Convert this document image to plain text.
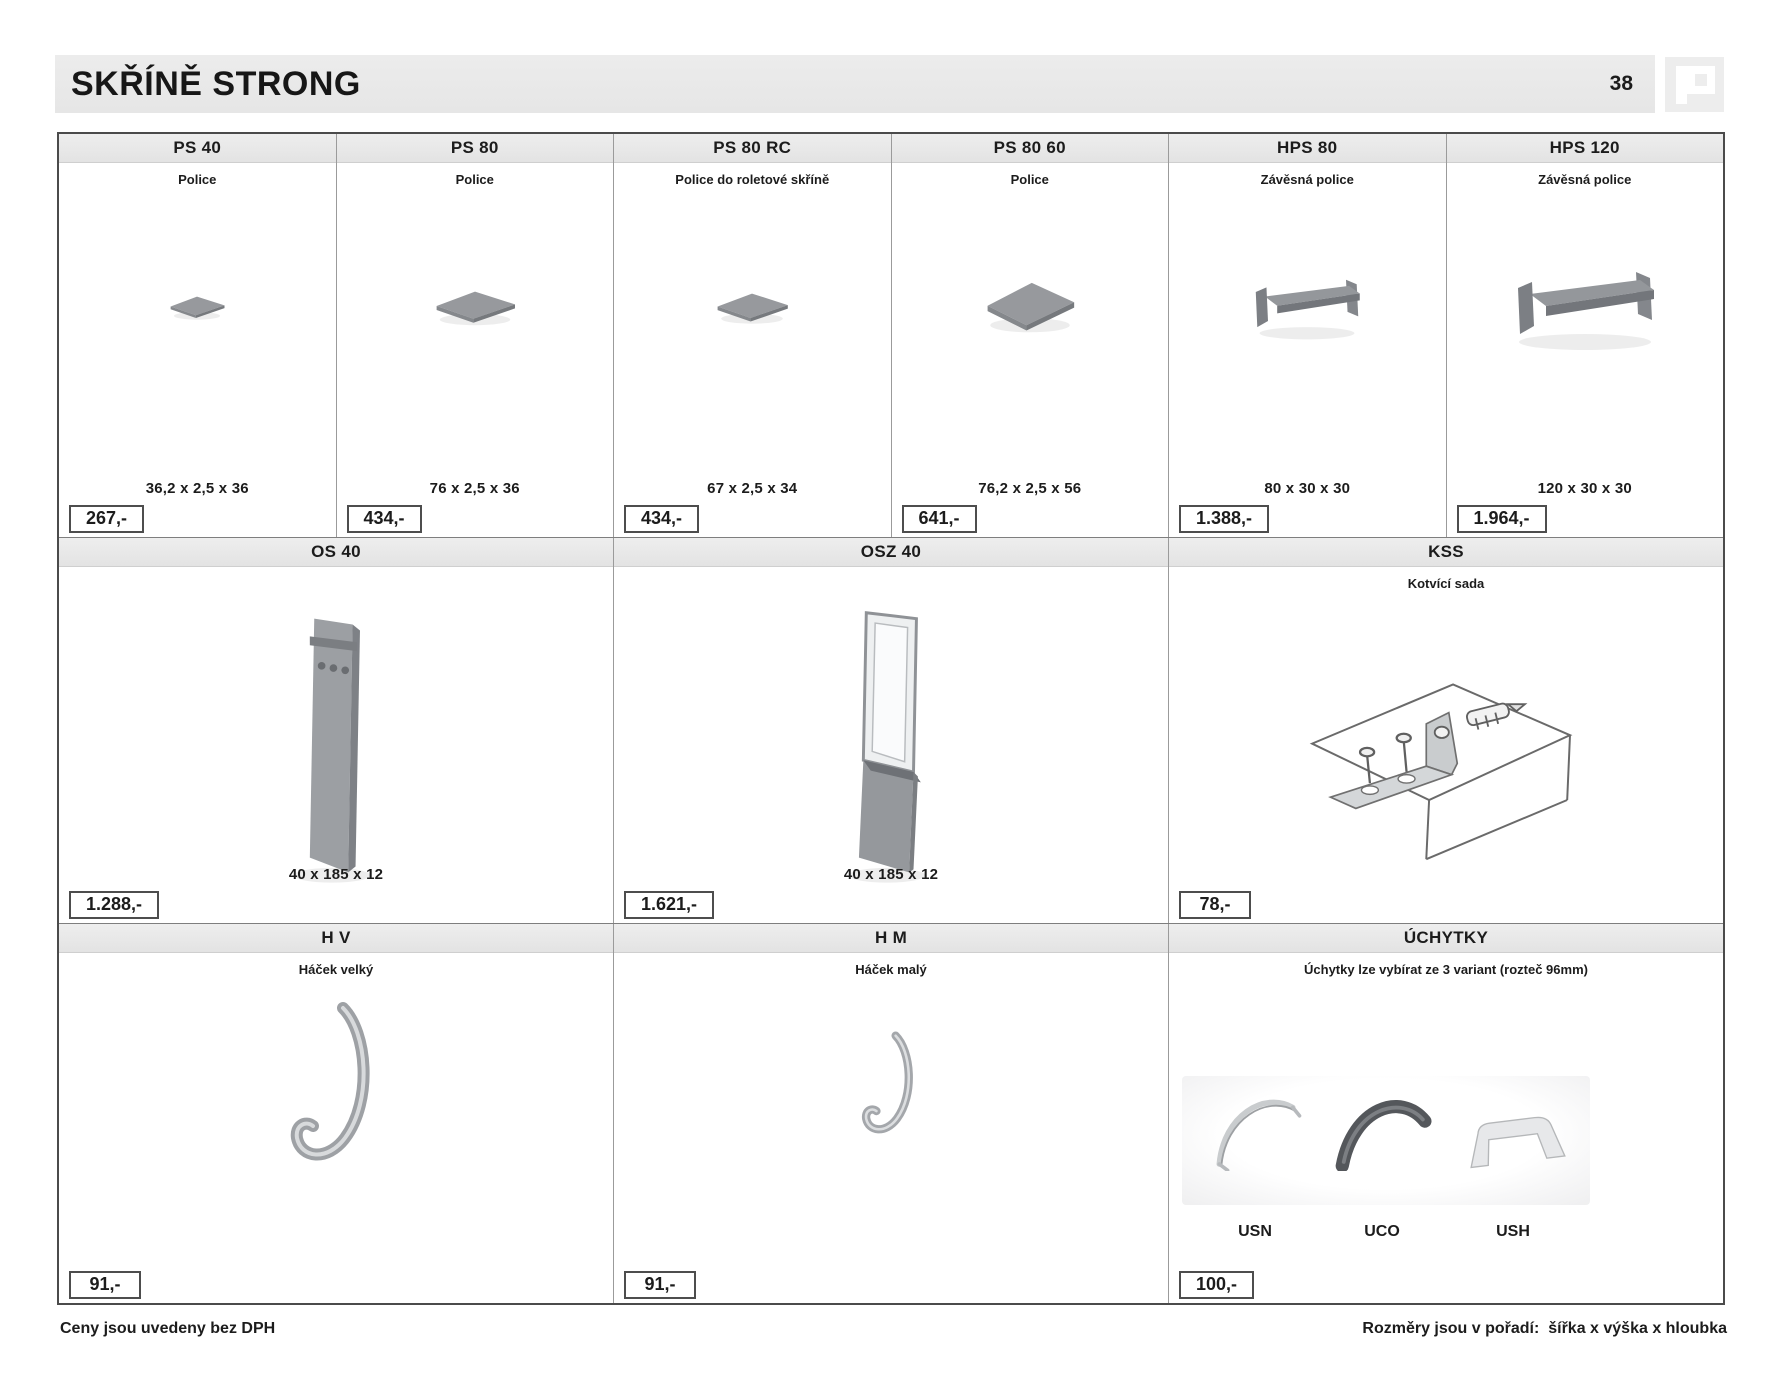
SKŘÍNĚ STRONG	38
PS 40
Police
36,2 x 2,5 x 36
267,-
PS 80
Police
76 x 2,5 x 36
434,-
PS 80 RC
Police do roletové skříně
67 x 2,5 x 34
434,-
PS 80 60
Police
76,2 x 2,5 x 56
641,-
HPS 80
Závěsná police
80 x 30 x 30
1.388,-
HPS 120
Závěsná police
120 x 30 x 30
1.964,-
OS 40
40 x 185 x 12
1.288,-
OSZ 40
40 x 185 x 12
1.621,-
KSS
Kotvící sada
78,-
H V
Háček velký
91,-
H M
Háček malý
91,-
ÚCHYTKY
Úchytky lze vybírat ze 3 variant (rozteč 96mm)
USN	UCO	USH
100,-
Ceny jsou uvedeny bez DPH	Rozměry jsou v pořadí:  šířka x výška x hloubka
